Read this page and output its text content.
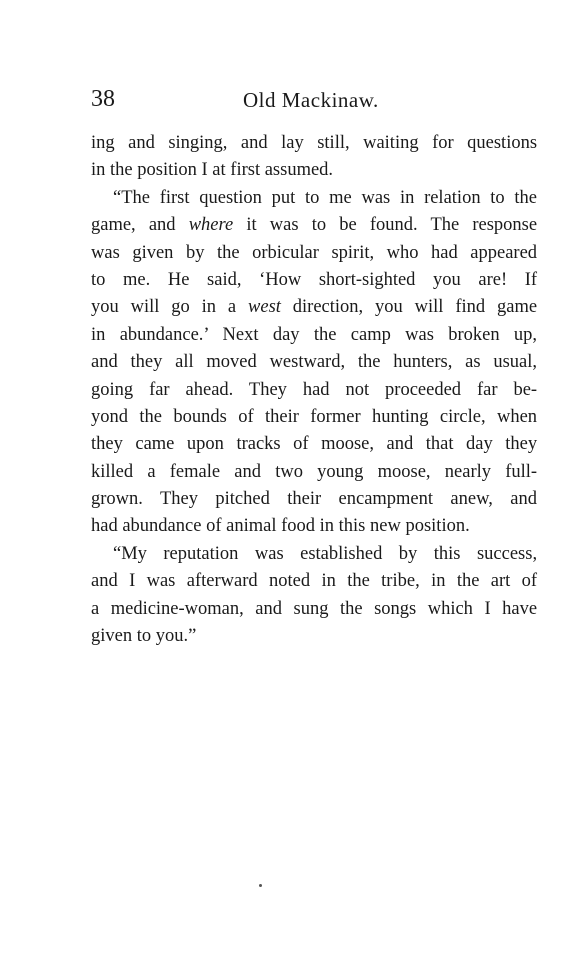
38	Old Mackinaw.
ing and singing, and lay still, waiting for questions
in the position I at first assumed.
“The first question put to me was in relation to the
game, and where it was to be found. The response
was given by the orbicular spirit, who had appeared
to me. He said, ‘How short-sighted you are! If
you will go in a west direction, you will find game
in abundance.’ Next day the camp was broken up,
and they all moved westward, the hunters, as usual,
going far ahead. They had not proceeded far be-
yond the bounds of their former hunting circle, when
they came upon tracks of moose, and that day they
killed a female and two young moose, nearly full-
grown. They pitched their encampment anew, and
had abundance of animal food in this new position.
“My reputation was established by this success,
and I was afterward noted in the tribe, in the art of
a medicine-woman, and sung the songs which I have
given to you.”
